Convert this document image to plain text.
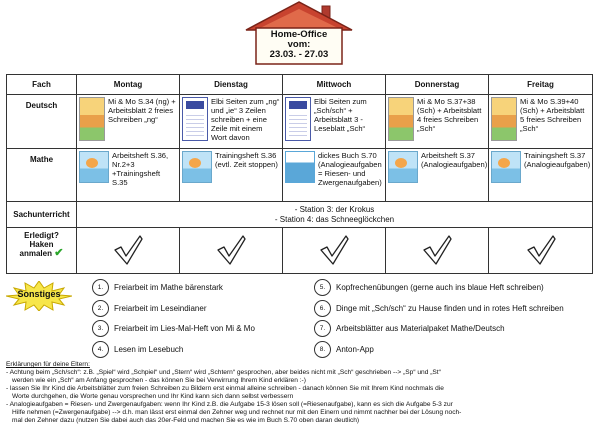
Home-Office
vom:
23.03. - 27.03
Fach	Montag	Dienstag	Mittwoch	Donnerstag	Freitag
Deutsch	Mi & Mo S.34 (ng) + Arbeitsblatt 2 freies Schreiben „ng“	Elbi Seiten zum „ng“ und „ie“ 3 Zeilen schreiben + eine Zeile mit einem Wort davon	Elbi Seiten zum „Sch/sch“ + Arbeitsblatt 3 - Leseblatt „Sch“	Mi & Mo S.37+38 (Sch) + Arbeitsblatt 4 freies Schreiben „Sch“	Mi & Mo S.39+40 (Sch) + Arbeitsblatt 5 freies Schreiben „Sch“

Mathe	Arbeitsheft S.36, Nr.2+3 +Trainingsheft S.35	Trainingsheft S.36 (evtl. Zeit stoppen)	dickes Buch S.70 (Analogieaufgaben = Riesen- und Zwergenaufgaben)	Arbeitsheft S.37 (Analogieaufgaben)	Trainingsheft S.37 (Analogieaufgaben)

Sachunterricht	- Station 3: der Krokus
- Station 4: das Schneeglöckchen				

Erledigt?
Haken
anmalen ✔

Sonstiges
1.	Freiarbeit im Mathe bärenstark
2.	Freiarbeit im Leseindianer
3.	Freiarbeit im Lies-Mal-Heft von Mi & Mo
4.	Lesen im Lesebuch
5.	Kopfrechenübungen (gerne auch ins blaue Heft schreiben)
6.	Dinge mit „Sch/sch“ zu Hause finden und in rotes Heft schreiben
7.	Arbeitsblätter aus Materialpaket Mathe/Deutsch
8.	Anton-App
Erklärungen für deine Eltern:
- Achtung beim „Sch/sch“: z.B. „Spiel“ wird „Schpiel“ und „Stern“ wird „Schtern“ gesprochen, aber beides nicht mit „Sch“ geschrieben --> „Sp“ und „St“
werden wie ein „Sch“ am Anfang gesprochen - das können Sie bei Verwirrung Ihrem Kind erklären :-)
- lassen Sie Ihr Kind die Arbeitsblätter zum freien Schreiben zu Bildern erst einmal alleine schreiben - danach können Sie mit Ihrem Kind nochmals die
Worte durchgehen, die Worte genau vorsprechen und Ihr Kind kann sich dann selbst verbessern
- Analogieaufgaben = Riesen- und Zwergenaufgaben: wenn Ihr Kind z.B. die Aufgabe 15-3 lösen soll (=Riesenaufgabe), kann es sich die Aufgabe 5-3 zur
Hilfe nehmen (=Zwergenaufgabe) --> d.h. man lässt erst einmal den Zehner weg und rechnet nur mit den Einern und nimmt nachher bei der Lösung noch-
mal den Zehner dazu (nutzen Sie dabei auch das 20er-Feld und machen Sie es wie im Buch S.70 oben daran deutlich)
